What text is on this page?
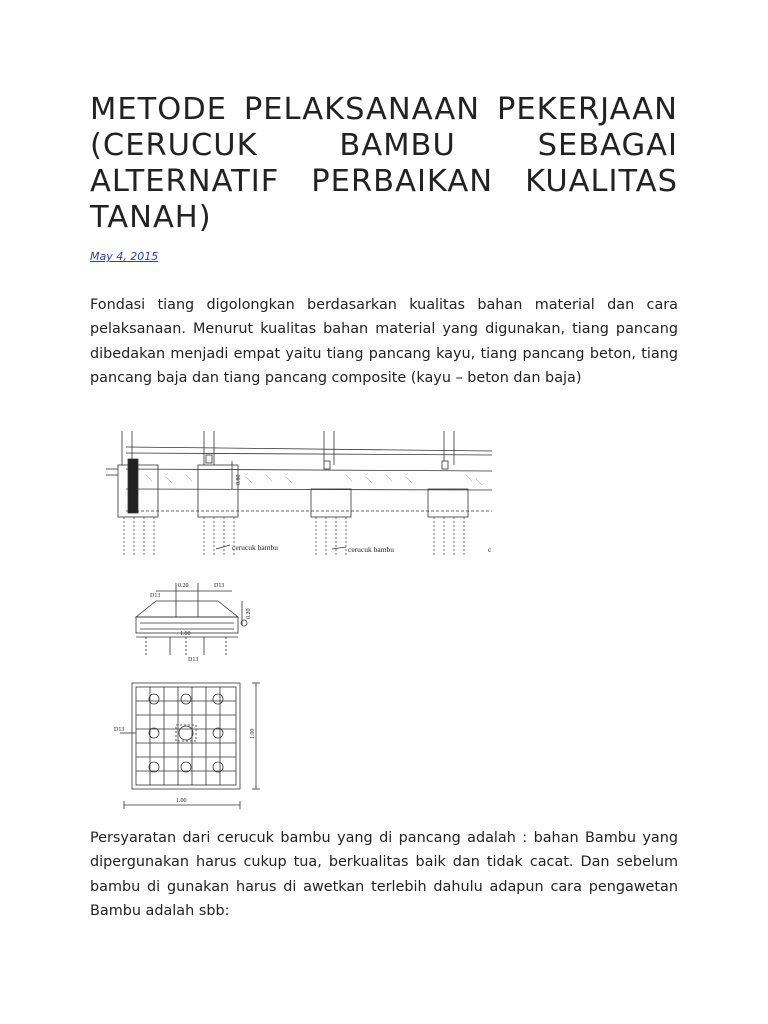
METODE PELAKSANAAN PEKERJAAN (CERUCUK BAMBU SEBAGAI ALTERNATIF PERBAIKAN KUALITAS TANAH)
May 4, 2015

Fondasi tiang digolongkan berdasarkan kualitas bahan material dan cara pelaksanaan. Menurut kualitas bahan material yang digunakan, tiang pancang dibedakan menjadi empat yaitu tiang pancang kayu, tiang pancang beton, tiang pancang baja dan tiang pancang composite (kayu – beton dan baja)

Persyaratan dari cerucuk bambu yang di pancang adalah : bahan Bambu yang dipergunakan harus cukup tua, berkualitas baik dan tidak cacat. Dan sebelum bambu di gunakan harus di awetkan terlebih dahulu adapun cara pengawetan Bambu adalah sbb:

cerucuk bambu	cerucuk bambu	c
0.80
0.20	D13
D13
0.20
1.00
D13
D13	1.00
1.00
